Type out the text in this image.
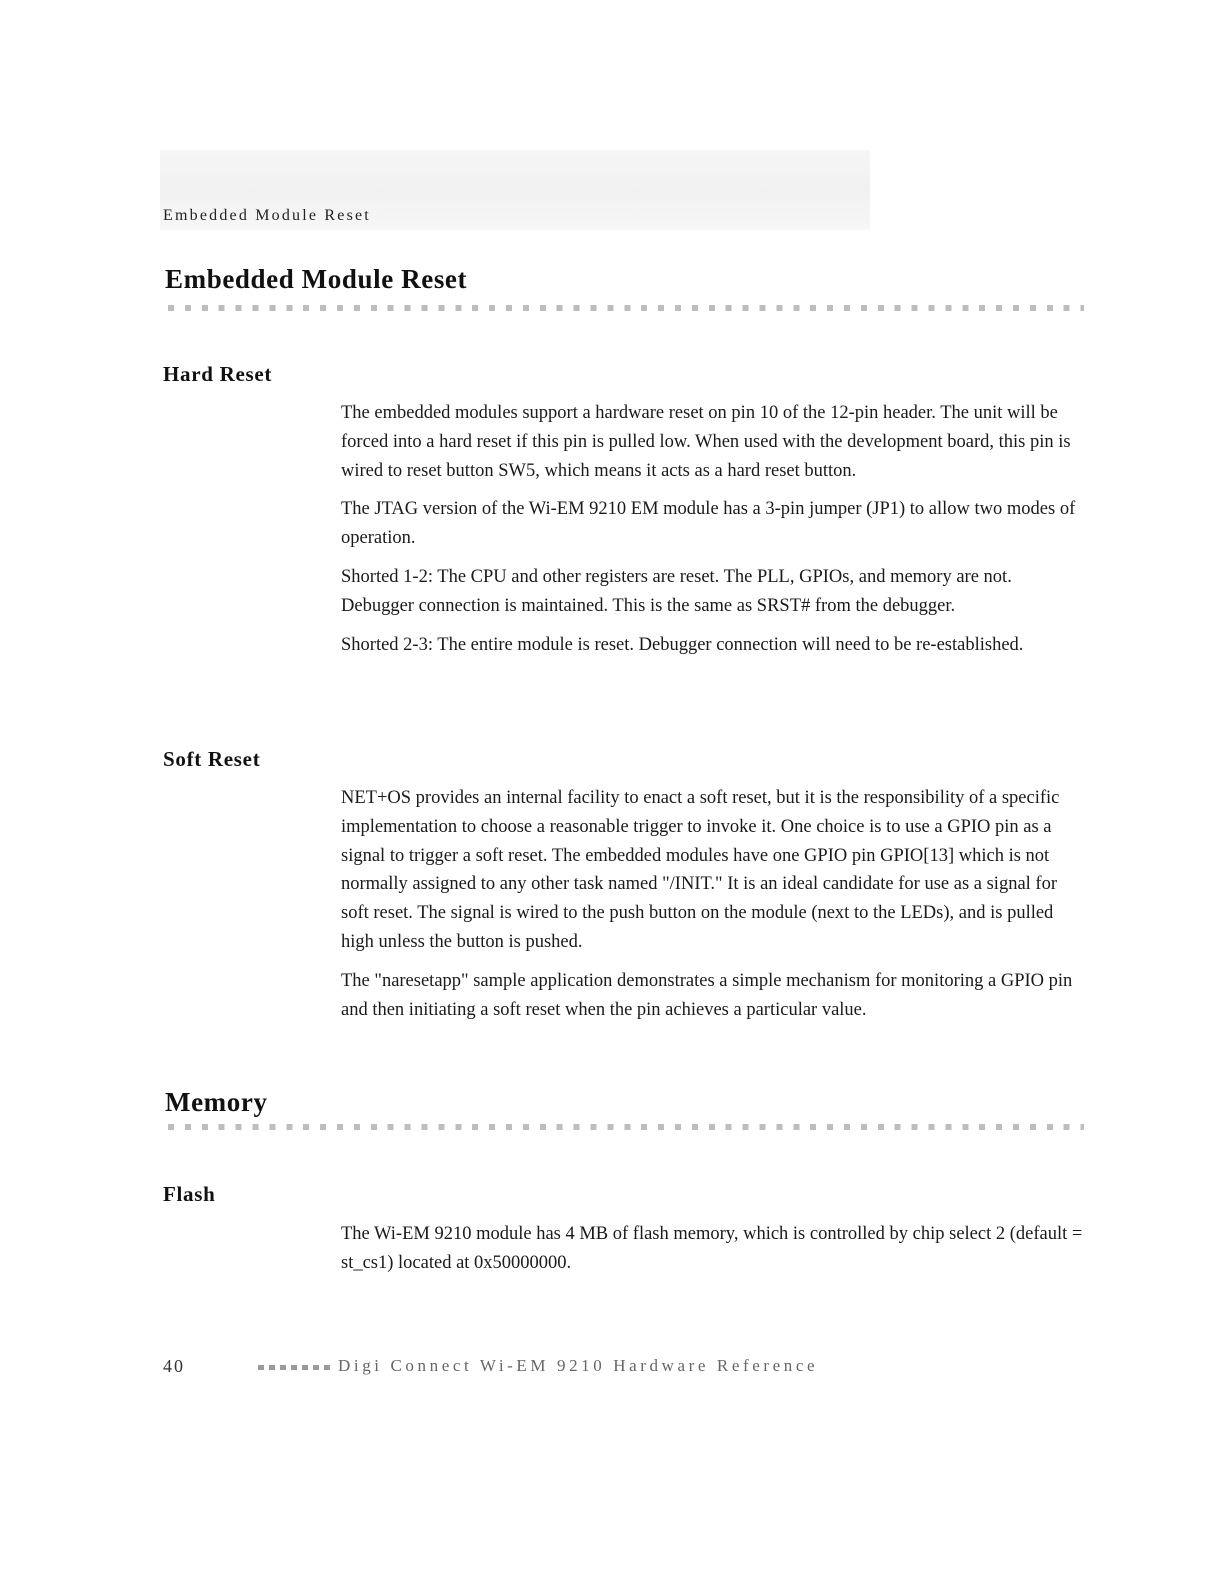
Embedded Module Reset
Embedded Module Reset
Hard Reset

The embedded modules support a hardware reset on pin 10 of the 12-pin header. The unit will be forced into a hard reset if this pin is pulled low. When used with the development board, this pin is wired to reset button SW5, which means it acts as a hard reset button.

The JTAG version of the Wi-EM 9210 EM module has a 3-pin jumper (JP1) to allow two modes of operation.

Shorted 1-2: The CPU and other registers are reset. The PLL, GPIOs, and memory are not. Debugger connection is maintained. This is the same as SRST# from the debugger.

Shorted 2-3: The entire module is reset. Debugger connection will need to be re-established.

Soft Reset

NET+OS provides an internal facility to enact a soft reset, but it is the responsibility of a specific implementation to choose a reasonable trigger to invoke it. One choice is to use a GPIO pin as a signal to trigger a soft reset. The embedded modules have one GPIO pin GPIO[13] which is not normally assigned to any other task named "/INIT." It is an ideal candidate for use as a signal for soft reset. The signal is wired to the push button on the module (next to the LEDs), and is pulled high unless the button is pushed.

The "naresetapp" sample application demonstrates a simple mechanism for monitoring a GPIO pin and then initiating a soft reset when the pin achieves a particular value.

Memory
Flash

The Wi-EM 9210 module has 4 MB of flash memory, which is controlled by chip select 2 (default = st_cs1) located at 0x50000000.

40	Digi Connect Wi-EM 9210 Hardware Reference
